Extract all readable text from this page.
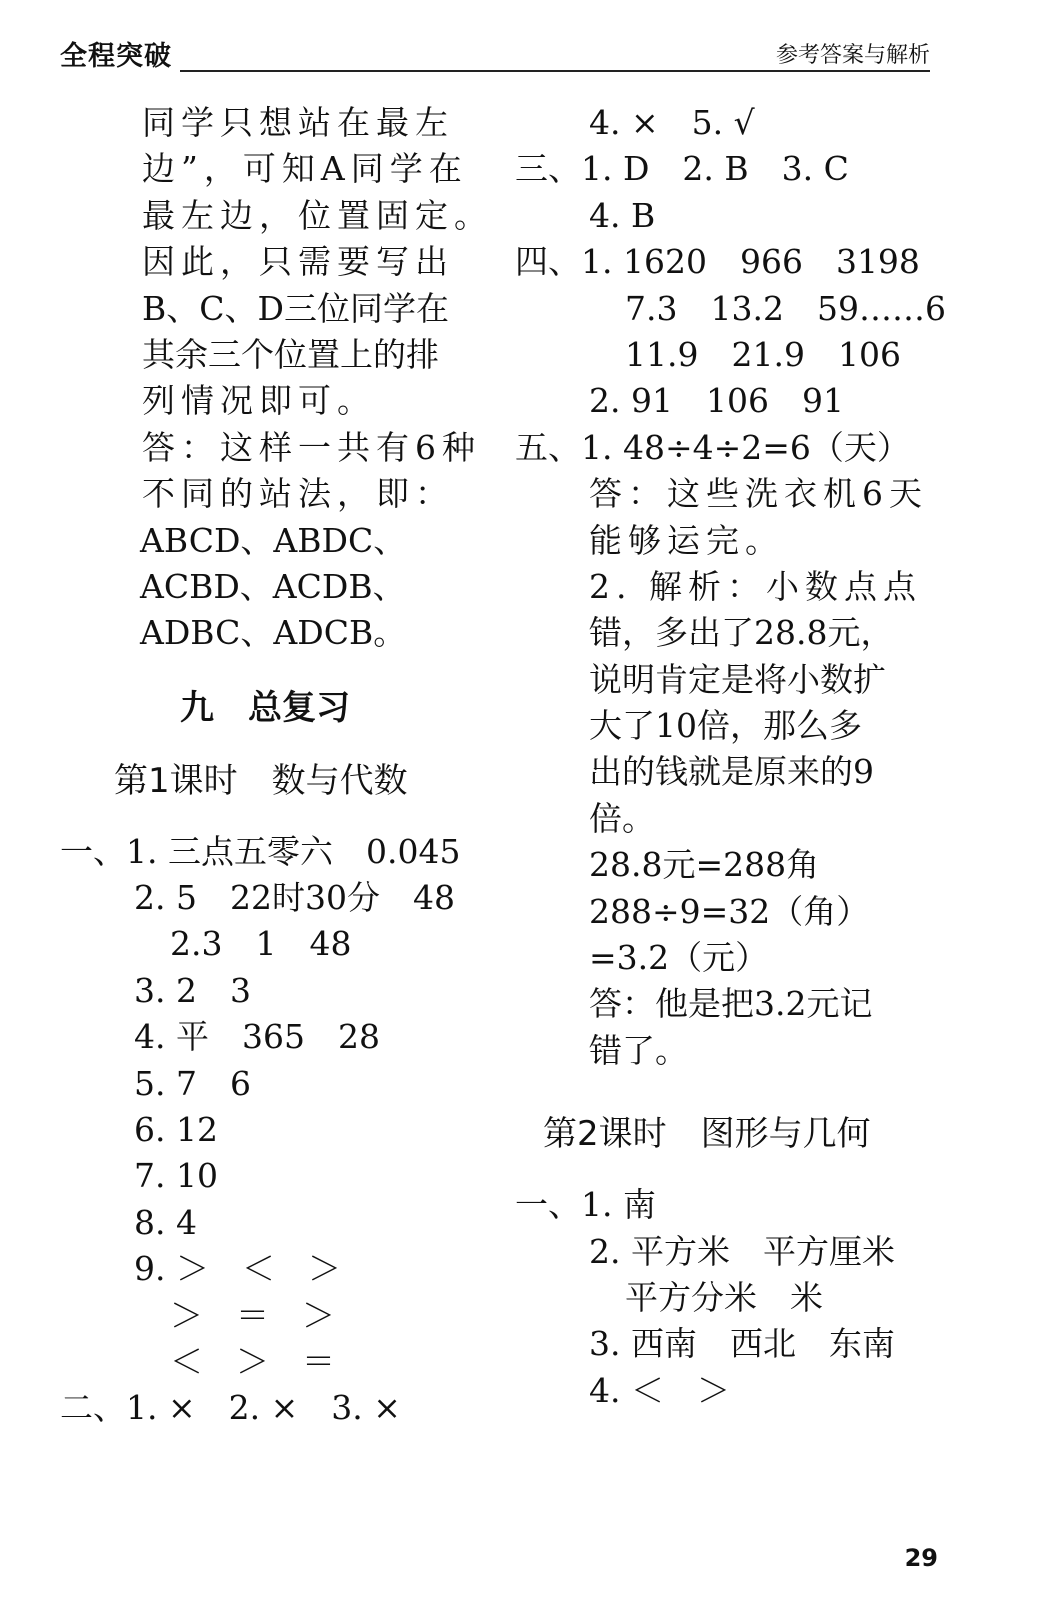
全程突破	参考答案与解析
同学只想站在最左
边”，可知A同学在
最左边，位置固定。
因此，只需要写出
B、C、D三位同学在
其余三个位置上的排
列情况即可。
答：这样一共有6种
不同的站法，即：
ABCD、ABDC、
ACBD、ACDB、
ADBC、ADCB。
九　总复习
第1课时　数与代数
一、1. 三点五零六　0.045
2. 5　22时30分　48
2.3　1　48
3. 2　3
4. 平　365　28
5. 7　6
6. 12
7. 10
8. 4
9. ＞　＜　＞
＞　＝　＞
＜　＞　＝
二、1. ×　2. ×　3. ×
4. ×　5. √
三、1. D　2. B　3. C
4. B
四、1. 1620　966　3198
7.3　13.2　59……6
11.9　21.9　106
2. 91　106　91
五、1. 48÷4÷2=6（天）
答：这些洗衣机6天
能够运完。
2. 解析：小数点点
错，多出了28.8元，
说明肯定是将小数扩
大了10倍，那么多
出的钱就是原来的9
倍。
28.8元=288角
288÷9=32（角）
=3.2（元）
答：他是把3.2元记
错了。
第2课时　图形与几何
一、1. 南
2. 平方米　平方厘米
平方分米　米
3. 西南　西北　东南
4. ＜　＞
29
